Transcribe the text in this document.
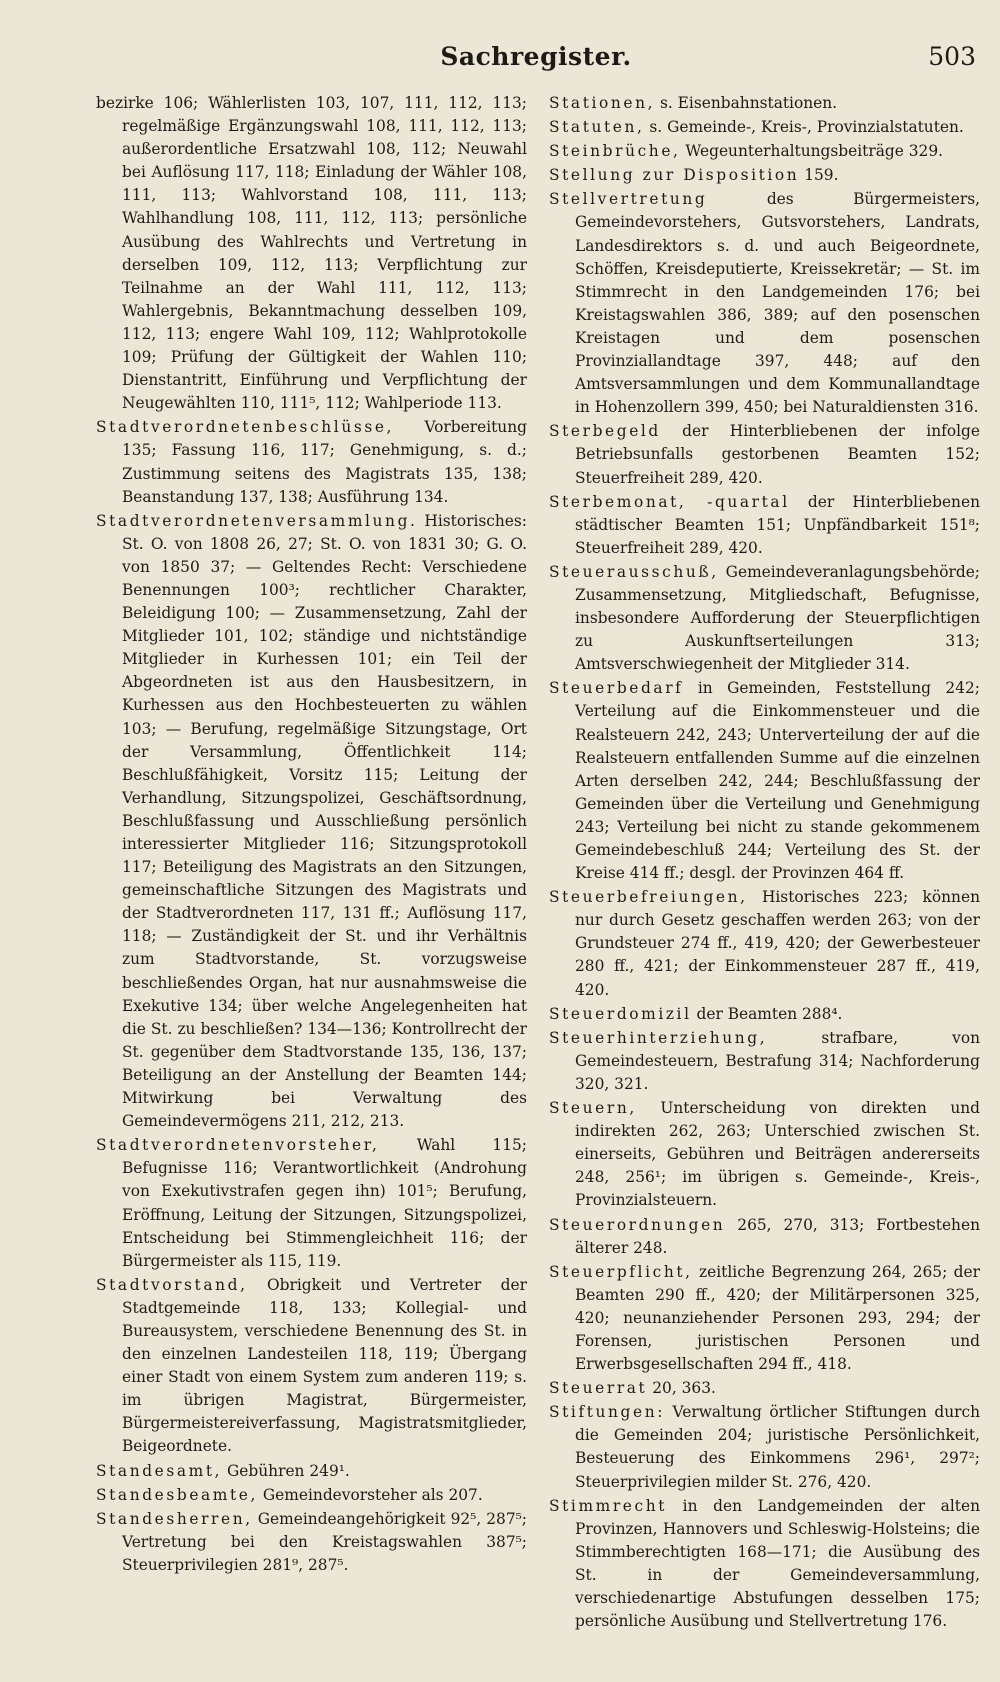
Sachregister.	503

bezirke 106; Wählerlisten 103, 107, 111, 112, 113; regelmäßige Ergänzungswahl 108, 111, 112, 113; außerordentliche Ersatzwahl 108, 112; Neuwahl bei Auflösung 117, 118; Einladung der Wähler 108, 111, 113; Wahlvorstand 108, 111, 113; Wahlhandlung 108, 111, 112, 113; persönliche Ausübung des Wahlrechts und Vertretung in derselben 109, 112, 113; Verpflichtung zur Teilnahme an der Wahl 111, 112, 113; Wahlergebnis, Bekanntmachung desselben 109, 112, 113; engere Wahl 109, 112; Wahlprotokolle 109; Prüfung der Gültigkeit der Wahlen 110; Dienstantritt, Einführung und Verpflichtung der Neugewählten 110, 111⁵, 112; Wahlperiode 113.

Stadtverordnetenbeschlüsse, Vorbereitung 135; Fassung 116, 117; Genehmigung, s. d.; Zustimmung seitens des Magistrats 135, 138; Beanstandung 137, 138; Ausführung 134.

Stadtverordnetenversammlung. Historisches: St. O. von 1808 26, 27; St. O. von 1831 30; G. O. von 1850 37; — Geltendes Recht: Verschiedene Benennungen 100³; rechtlicher Charakter, Beleidigung 100; — Zusammensetzung, Zahl der Mitglieder 101, 102; ständige und nichtständige Mitglieder in Kurhessen 101; ein Teil der Abgeordneten ist aus den Hausbesitzern, in Kurhessen aus den Hochbesteuerten zu wählen 103; — Berufung, regelmäßige Sitzungstage, Ort der Versammlung, Öffentlichkeit 114; Beschlußfähigkeit, Vorsitz 115; Leitung der Verhandlung, Sitzungspolizei, Geschäftsordnung, Beschlußfassung und Ausschließung persönlich interessierter Mitglieder 116; Sitzungsprotokoll 117; Beteiligung des Magistrats an den Sitzungen, gemeinschaftliche Sitzungen des Magistrats und der Stadtverordneten 117, 131 ff.; Auflösung 117, 118; — Zuständigkeit der St. und ihr Verhältnis zum Stadtvorstande, St. vorzugsweise beschließendes Organ, hat nur ausnahmsweise die Exekutive 134; über welche Angelegenheiten hat die St. zu beschließen? 134—136; Kontrollrecht der St. gegenüber dem Stadtvorstande 135, 136, 137; Beteiligung an der Anstellung der Beamten 144; Mitwirkung bei Verwaltung des Gemeindevermögens 211, 212, 213.

Stadtverordnetenvorsteher, Wahl 115; Befugnisse 116; Verantwortlichkeit (Androhung von Exekutivstrafen gegen ihn) 101⁵; Berufung, Eröffnung, Leitung der Sitzungen, Sitzungspolizei, Entscheidung bei Stimmengleichheit 116; der Bürgermeister als 115, 119.

Stadtvorstand, Obrigkeit und Vertreter der Stadtgemeinde 118, 133; Kollegial- und Bureausystem, verschiedene Benennung des St. in den einzelnen Landesteilen 118, 119; Übergang einer Stadt von einem System zum anderen 119; s. im übrigen Magistrat, Bürgermeister, Bürgermeistereiverfassung, Magistratsmitglieder, Beigeordnete.

Standesamt, Gebühren 249¹.

Standesbeamte, Gemeindevorsteher als 207.

Standesherren, Gemeindeangehörigkeit 92⁵, 287⁵; Vertretung bei den Kreistagswahlen 387⁵; Steuerprivilegien 281⁹, 287⁵.

Stationen, s. Eisenbahnstationen.

Statuten, s. Gemeinde-, Kreis-, Provinzialstatuten.

Steinbrüche, Wegeunterhaltungsbeiträge 329.

Stellung zur Disposition 159.

Stellvertretung des Bürgermeisters, Gemeindevorstehers, Gutsvorstehers, Landrats, Landesdirektors s. d. und auch Beigeordnete, Schöffen, Kreisdeputierte, Kreissekretär; — St. im Stimmrecht in den Landgemeinden 176; bei Kreistagswahlen 386, 389; auf den posenschen Kreistagen und dem posenschen Provinziallandtage 397, 448; auf den Amtsversammlungen und dem Kommunallandtage in Hohenzollern 399, 450; bei Naturaldiensten 316.

Sterbegeld der Hinterbliebenen der infolge Betriebsunfalls gestorbenen Beamten 152; Steuerfreiheit 289, 420.

Sterbemonat, -quartal der Hinterbliebenen städtischer Beamten 151; Unpfändbarkeit 151⁸; Steuerfreiheit 289, 420.

Steuerausschuß, Gemeindeveranlagungsbehörde; Zusammensetzung, Mitgliedschaft, Befugnisse, insbesondere Aufforderung der Steuerpflichtigen zu Auskunftserteilungen 313; Amtsverschwiegenheit der Mitglieder 314.

Steuerbedarf in Gemeinden, Feststellung 242; Verteilung auf die Einkommensteuer und die Realsteuern 242, 243; Unterverteilung der auf die Realsteuern entfallenden Summe auf die einzelnen Arten derselben 242, 244; Beschlußfassung der Gemeinden über die Verteilung und Genehmigung 243; Verteilung bei nicht zu stande gekommenem Gemeindebeschluß 244; Verteilung des St. der Kreise 414 ff.; desgl. der Provinzen 464 ff.

Steuerbefreiungen, Historisches 223; können nur durch Gesetz geschaffen werden 263; von der Grundsteuer 274 ff., 419, 420; der Gewerbesteuer 280 ff., 421; der Einkommensteuer 287 ff., 419, 420.

Steuerdomizil der Beamten 288⁴.

Steuerhinterziehung, strafbare, von Gemeindesteuern, Bestrafung 314; Nachforderung 320, 321.

Steuern, Unterscheidung von direkten und indirekten 262, 263; Unterschied zwischen St. einerseits, Gebühren und Beiträgen andererseits 248, 256¹; im übrigen s. Gemeinde-, Kreis-, Provinzialsteuern.

Steuerordnungen 265, 270, 313; Fortbestehen älterer 248.

Steuerpflicht, zeitliche Begrenzung 264, 265; der Beamten 290 ff., 420; der Militärpersonen 325, 420; neunanziehender Personen 293, 294; der Forensen, juristischen Personen und Erwerbsgesellschaften 294 ff., 418.

Steuerrat 20, 363.

Stiftungen: Verwaltung örtlicher Stiftungen durch die Gemeinden 204; juristische Persönlichkeit, Besteuerung des Einkommens 296¹, 297²; Steuerprivilegien milder St. 276, 420.

Stimmrecht in den Landgemeinden der alten Provinzen, Hannovers und Schleswig-Holsteins; die Stimmberechtigten 168—171; die Ausübung des St. in der Gemeindeversammlung, verschiedenartige Abstufungen desselben 175; persönliche Ausübung und Stellvertretung 176.
